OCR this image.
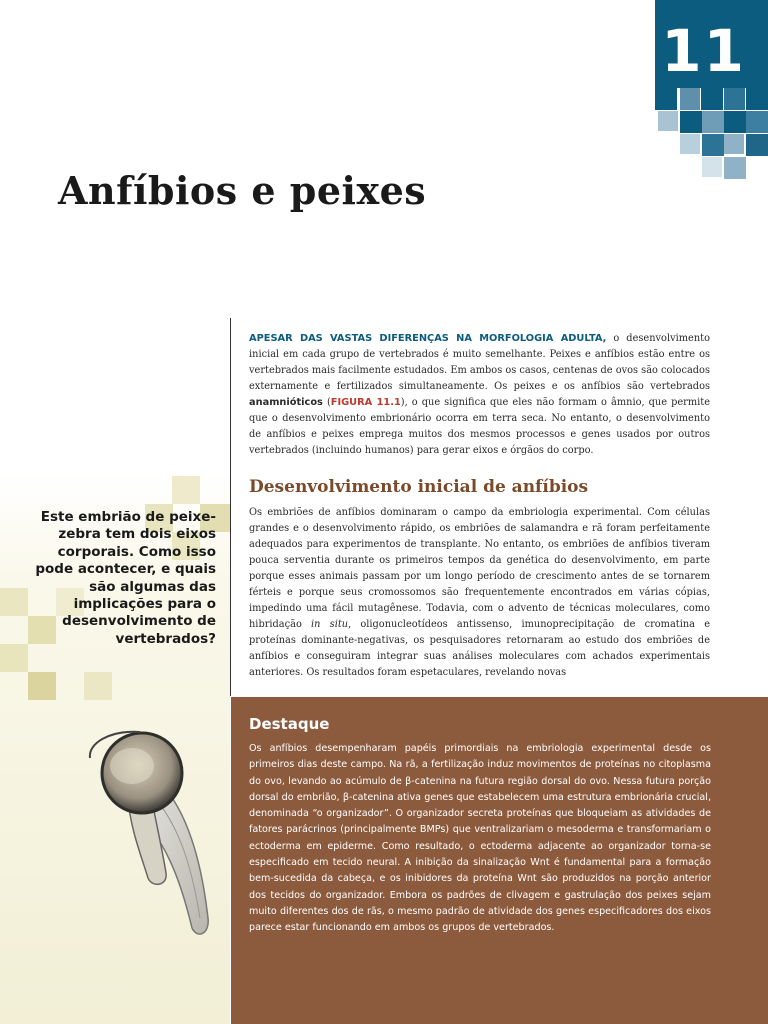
11
Anfíbios e peixes

Este embrião de peixe-zebra tem dois eixos corporais. Como isso pode acontecer, e quais são algumas das implicações para o desenvolvimento de vertebrados?

APESAR DAS VASTAS DIFERENÇAS NA MORFOLOGIA ADULTA, o desenvolvimento inicial em cada grupo de vertebrados é muito semelhante. Peixes e anfíbios estão entre os vertebrados mais facilmente estudados. Em ambos os casos, centenas de ovos são colocados externamente e fertilizados simultaneamente. Os peixes e os anfíbios são vertebrados anamnióticos (FIGURA 11.1), o que significa que eles não formam o âmnio, que permite que o desenvolvimento embrionário ocorra em terra seca. No entanto, o desenvolvimento de anfíbios e peixes emprega muitos dos mesmos processos e genes usados por outros vertebrados (incluindo humanos) para gerar eixos e órgãos do corpo.

Desenvolvimento inicial de anfíbios

Os embriões de anfíbios dominaram o campo da embriologia experimental. Com células grandes e o desenvolvimento rápido, os embriões de salamandra e rã foram perfeitamente adequados para experimentos de transplante. No entanto, os embriões de anfíbios tiveram pouca serventia durante os primeiros tempos da genética do desenvolvimento, em parte porque esses animais passam por um longo período de crescimento antes de se tornarem férteis e porque seus cromossomos são frequentemente encontrados em várias cópias, impedindo uma fácil mutagênese. Todavia, com o advento de técnicas moleculares, como hibridação in situ, oligonucleotídeos antissenso, imunoprecipitação de cromatina e proteínas dominante-negativas, os pesquisadores retornaram ao estudo dos embriões de anfíbios e conseguiram integrar suas análises moleculares com achados experimentais anteriores. Os resultados foram espetaculares, revelando novas

Destaque

Os anfíbios desempenharam papéis primordiais na embriologia experimental desde os primeiros dias deste campo. Na rã, a fertilização induz movimentos de proteínas no citoplasma do ovo, levando ao acúmulo de β-catenina na futura região dorsal do ovo. Nessa futura porção dorsal do embrião, β-catenina ativa genes que estabelecem uma estrutura embrionária crucial, denominada “o organizador”. O organizador secreta proteínas que bloqueiam as atividades de fatores parácrinos (principalmente BMPs) que ventralizariam o mesoderma e transformariam o ectoderma em epiderme. Como resultado, o ectoderma adjacente ao organizador torna-se especificado em tecido neural. A inibição da sinalização Wnt é fundamental para a formação bem-sucedida da cabeça, e os inibidores da proteína Wnt são produzidos na porção anterior dos tecidos do organizador. Embora os padrões de clivagem e gastrulação dos peixes sejam muito diferentes dos de rãs, o mesmo padrão de atividade dos genes especificadores dos eixos parece estar funcionando em ambos os grupos de vertebrados.
